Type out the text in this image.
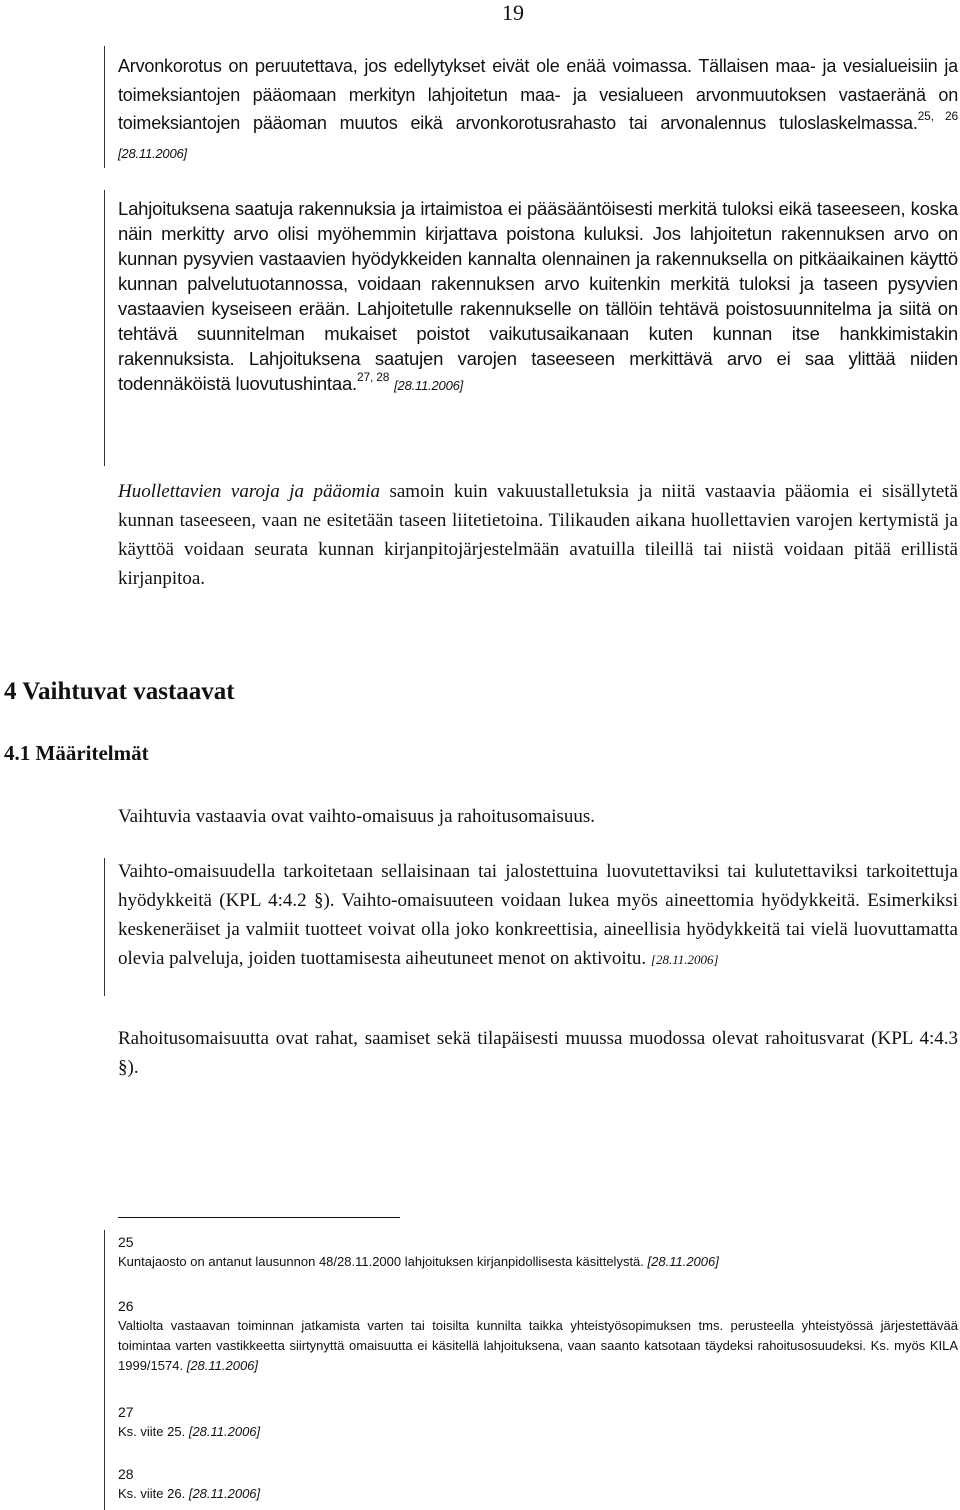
19

Arvonkorotus on peruutettava, jos edellytykset eivät ole enää voimassa. Tällaisen maa- ja vesialueisiin ja toimeksiantojen pääomaan merkityn lahjoitetun maa- ja vesialueen arvonmuutoksen vastaeränä on toimeksiantojen pääoman muutos eikä arvonkorotusrahasto tai arvonalennus tuloslaskelmassa.$^{25, 26}$ [28.11.2006]

Lahjoituksena saatuja rakennuksia ja irtaimistoa ei pääsääntöisesti merkitä tuloksi eikä taseeseen, koska näin merkitty arvo olisi myöhemmin kirjattava poistona kuluksi. Jos lahjoitetun rakennuksen arvo on kunnan pysyvien vastaavien hyödykkeiden kannalta olennainen ja rakennuksella on pitkäaikainen käyttö kunnan palvelutuotannossa, voidaan rakennuksen arvo kuitenkin merkitä tuloksi ja taseen pysyvien vastaavien kyseiseen erään. Lahjoitetulle rakennukselle on tällöin tehtävä poistosuunnitelma ja siitä on tehtävä suunnitelman mukaiset poistot vaikutusaikanaan kuten kunnan itse hankkimistakin rakennuksista. Lahjoituksena saatujen varojen taseeseen merkittävä arvo ei saa ylittää niiden todennäköistä luovutushintaa.$^{27, 28}$ [28.11.2006]

Huollettavien varoja ja pääomia samoin kuin vakuustalletuksia ja niitä vastaavia pääomia ei sisällytetä kunnan taseeseen, vaan ne esitetään taseen liitetietoina. Tilikauden aikana huollettavien varojen kertymistä ja käyttöä voidaan seurata kunnan kirjanpitojärjestelmään avatuilla tileillä tai niistä voidaan pitää erillistä kirjanpitoa.

4 Vaihtuvat vastaavat
4.1 Määritelmät

Vaihtuvia vastaavia ovat vaihto-omaisuus ja rahoitusomaisuus.

Vaihto-omaisuudella tarkoitetaan sellaisinaan tai jalostettuina luovutettaviksi tai kulutettaviksi tarkoitettuja hyödykkeitä (KPL 4:4.2 §). Vaihto-omaisuuteen voidaan lukea myös aineettomia hyödykkeitä. Esimerkiksi keskeneräiset ja valmiit tuotteet voivat olla joko konkreettisia, aineellisia hyödykkeitä tai vielä luovuttamatta olevia palveluja, joiden tuottamisesta aiheutuneet menot on aktivoitu. [28.11.2006]

Rahoitusomaisuutta ovat rahat, saamiset sekä tilapäisesti muussa muodossa olevat rahoitusvarat (KPL 4:4.3 §).

25
Kuntajaosto on antanut lausunnon 48/28.11.2000 lahjoituksen kirjanpidollisesta käsittelystä. [28.11.2006]
26
Valtiolta vastaavan toiminnan jatkamista varten tai toisilta kunnilta taikka yhteistyösopimuksen tms. perusteella yhteistyössä järjestettävää toimintaa varten vastikkeetta siirtynyttä omaisuutta ei käsitellä lahjoituksena, vaan saanto katsotaan täydeksi rahoitusosuudeksi. Ks. myös KILA 1999/1574. [28.11.2006]
27
Ks. viite 25. [28.11.2006]
28
Ks. viite 26. [28.11.2006]
